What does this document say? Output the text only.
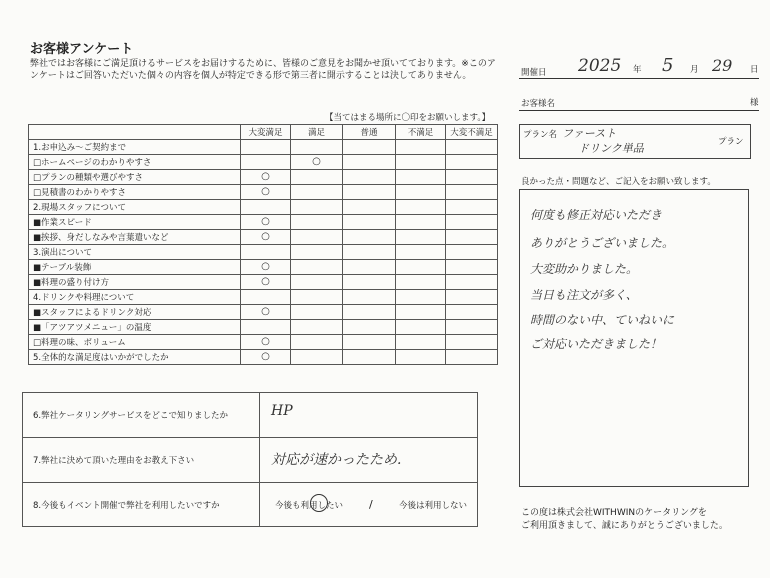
お客様アンケート
弊社ではお客様にご満足頂けるサービスをお届けするために、皆様のご意見をお聞かせ頂いてております。※このアンケートはご回答いただいた個々の内容を個人が特定できる形で第三者に開示することは決してありません。
【当てはまる場所に〇印をお願いします。】
	大変満足	満足	普通	不満足	大変不満足
1.お申込み～ご契約まで					
□ホームページのわかりやすさ		○			

□プランの種類や選びやすさ	○				

□見積書のわかりやすさ	○				

2.現場スタッフについて					
■作業スピード	○				

■挨拶、身だしなみや言葉遣いなど	○				

3.演出について					
■テーブル装飾	○				

■料理の盛り付け方	○				

4.ドリンクや料理について					
■スタッフによるドリンク対応	○				

■「アツアツメニュー」の温度					
□料理の味、ボリューム	○				

5.全体的な満足度はいかがでしたか	○				

開催日 2025 年 5 月 29 日
お客様名	様
プラン名 ファースト
ドリンク単品	プラン
良かった点・問題など、ご記入をお願い致します。
何度も修正対応いただき
ありがとうございました。
大変助かりました。
当日も注文が多く、
時間のない中、ていねいに
ご対応いただきました！
6.弊社ケータリングサービスをどこで知りましたか	HP
7.弊社に決めて頂いた理由をお教え下さい	対応が速かったため.
8.今後もイベント開催で弊社を利用したいですか	今後も利用したい /	今後は利用しない
この度は株式会社WITHWINのケータリングを
ご利用頂きまして、誠にありがとうございました。
